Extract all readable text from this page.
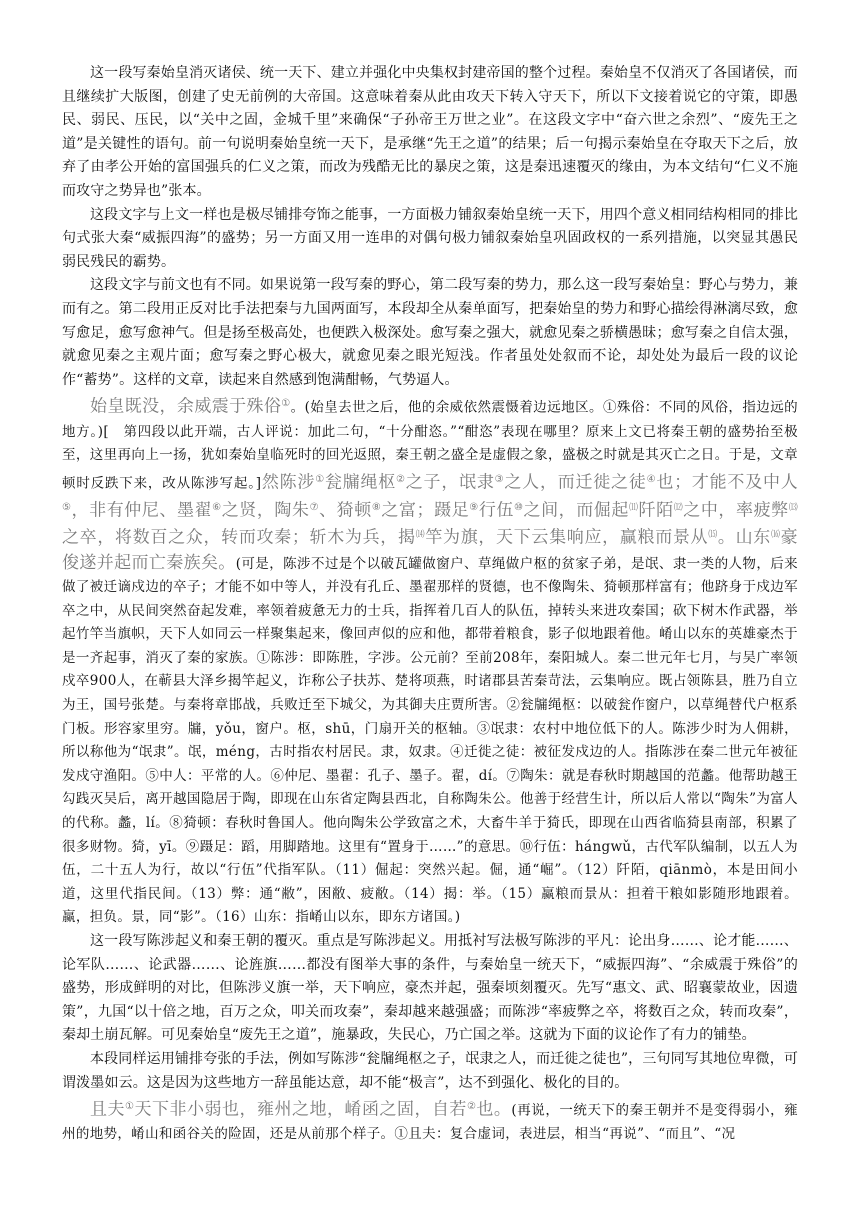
这一段写秦始皇消灭诸侯、统一天下、建立并强化中央集权封建帝国的整个过程。秦始皇不仅消灭了各国诸侯，而且继续扩大版图，创建了史无前例的大帝国。这意味着秦从此由攻天下转入守天下，所以下文接着说它的守策，即愚民、弱民、压民，以“关中之固，金城千里”来确保“子孙帝王万世之业”。在这段文字中“奋六世之余烈”、“废先王之道”是关键性的语句。前一句说明秦始皇统一天下，是承继“先王之道”的结果；后一句揭示秦始皇在夺取天下之后，放弃了由孝公开始的富国强兵的仁义之策，而改为残酷无比的暴戾之策，这是秦迅速覆灭的缘由，为本文结句“仁义不施而攻守之势异也”张本。

这段文字与上文一样也是极尽铺排夸饰之能事，一方面极力铺叙秦始皇统一天下，用四个意义相同结构相同的排比句式张大秦“威振四海”的盛势；另一方面又用一连串的对偶句极力铺叙秦始皇巩固政权的一系列措施，以突显其愚民弱民残民的霸势。

这段文字与前文也有不同。如果说第一段写秦的野心，第二段写秦的势力，那么这一段写秦始皇：野心与势力，兼而有之。第二段用正反对比手法把秦与九国两面写，本段却全从秦单面写，把秦始皇的势力和野心描绘得淋漓尽致，愈写愈足，愈写愈神气。但是扬至极高处，也便跌入极深处。愈写秦之强大，就愈见秦之骄横愚昧；愈写秦之自信太强，就愈见秦之主观片面；愈写秦之野心极大，就愈见秦之眼光短浅。作者虽处处叙而不论，却处处为最后一段的议论作“蓄势”。这样的文章，读起来自然感到饱满酣畅，气势逼人。

始皇既没，余威震于殊俗①。(始皇去世之后，他的余威依然震慑着边远地区。①殊俗：不同的风俗，指边远的地方。)[　第四段以此开端，古人评说：加此二句，“十分酣恣。”“酣恣”表现在哪里？原来上文已将秦王朝的盛势抬至极至，这里再向上一扬，犹如秦始皇临死时的回光返照，秦王朝之盛全是虚假之象，盛极之时就是其灭亡之日。于是，文章顿时反跌下来，改从陈涉写起。]然陈涉①瓮牖绳枢②之子，氓隶③之人，而迁徙之徒④也；才能不及中人⑤，非有仲尼、墨翟⑥之贤，陶朱⑦、猗顿⑧之富；蹑足⑨行伍⑩之间，而倔起⑾阡陌⑿之中，率疲弊⒀之卒，将数百之众，转而攻秦；斩木为兵，揭⒁竿为旗，天下云集响应，赢粮而景从⒂。山东⒃豪俊遂并起而亡秦族矣。(可是，陈涉不过是个以破瓦罐做窗户、草绳做户枢的贫家子弟，是氓、隶一类的人物，后来做了被迁谪戍边的卒子；才能不如中等人，并没有孔丘、墨翟那样的贤德，也不像陶朱、猗顿那样富有；他跻身于戍边军卒之中，从民间突然奋起发难，率领着疲惫无力的士兵，指挥着几百人的队伍，掉转头来进攻秦国；砍下树木作武器，举起竹竿当旗帜，天下人如同云一样聚集起来，像回声似的应和他，都带着粮食，影子似地跟着他。崤山以东的英雄豪杰于是一齐起事，消灭了秦的家族。①陈涉：即陈胜，字涉。公元前？至前208年，秦阳城人。秦二世元年七月，与吴广率领戍卒900人，在蕲县大泽乡揭竿起义，诈称公子扶苏、楚将项燕，时诸郡县苦秦苛法，云集响应。既占领陈县，胜乃自立为王，国号张楚。与秦将章邯战，兵败迁至下城父，为其御夫庄贾所害。②瓮牖绳枢：以破瓮作窗户，以草绳替代户枢系门板。形容家里穷。牖，yǒu，窗户。枢，shū，门扇开关的枢轴。③氓隶：农村中地位低下的人。陈涉少时为人佣耕，所以称他为“氓隶”。氓，méng，古时指农村居民。隶，奴隶。④迁徙之徒：被征发戍边的人。指陈涉在秦二世元年被征发戍守渔阳。⑤中人：平常的人。⑥仲尼、墨翟：孔子、墨子。翟，dí。⑦陶朱：就是春秋时期越国的范蠡。他帮助越王勾践灭吴后，离开越国隐居于陶，即现在山东省定陶县西北，自称陶朱公。他善于经营生计，所以后人常以“陶朱”为富人的代称。蠡，lí。⑧猗顿：春秋时鲁国人。他向陶朱公学致富之术，大畜牛羊于猗氏，即现在山西省临猗县南部，积累了很多财物。猗，yī。⑨蹑足：蹈，用脚踏地。这里有“置身于……”的意思。⑩行伍：hángwǔ，古代军队编制，以五人为伍，二十五人为行，故以“行伍”代指军队。（11）倔起：突然兴起。倔，通“崛”。（12）阡陌，qiānmò，本是田间小道，这里代指民间。（13）弊：通“敝”，困敝、疲敝。（14）揭：举。（15）赢粮而景从：担着干粮如影随形地跟着。赢，担负。景，同“影”。（16）山东：指崤山以东，即东方诸国。)

这一段写陈涉起义和秦王朝的覆灭。重点是写陈涉起义。用抵衬写法极写陈涉的平凡：论出身……、论才能……、论军队……、论武器……、论旌旗……都没有图举大事的条件，与秦始皇一统天下，“威振四海”、“余威震于殊俗”的盛势，形成鲜明的对比，但陈涉义旗一举，天下响应，豪杰并起，强秦顷刻覆灭。先写“惠文、武、昭襄蒙故业，因遗策”，九国“以十倍之地，百万之众，叩关而攻秦”，秦却越来越强盛；而陈涉“率疲弊之卒，将数百之众，转而攻秦”，秦却土崩瓦解。可见秦始皇“废先王之道”，施暴政，失民心，乃亡国之举。这就为下面的议论作了有力的铺垫。

本段同样运用铺排夸张的手法，例如写陈涉“瓮牖绳枢之子，氓隶之人，而迁徙之徒也”，三句同写其地位卑微，可谓泼墨如云。这是因为这些地方一辞虽能达意，却不能“极言”，达不到强化、极化的目的。

且夫①天下非小弱也，雍州之地，崤函之固，自若②也。(再说，一统天下的秦王朝并不是变得弱小，雍州的地势，崤山和函谷关的险固，还是从前那个样子。①且夫：复合虚词，表进层，相当“再说”、“而且”、“况
